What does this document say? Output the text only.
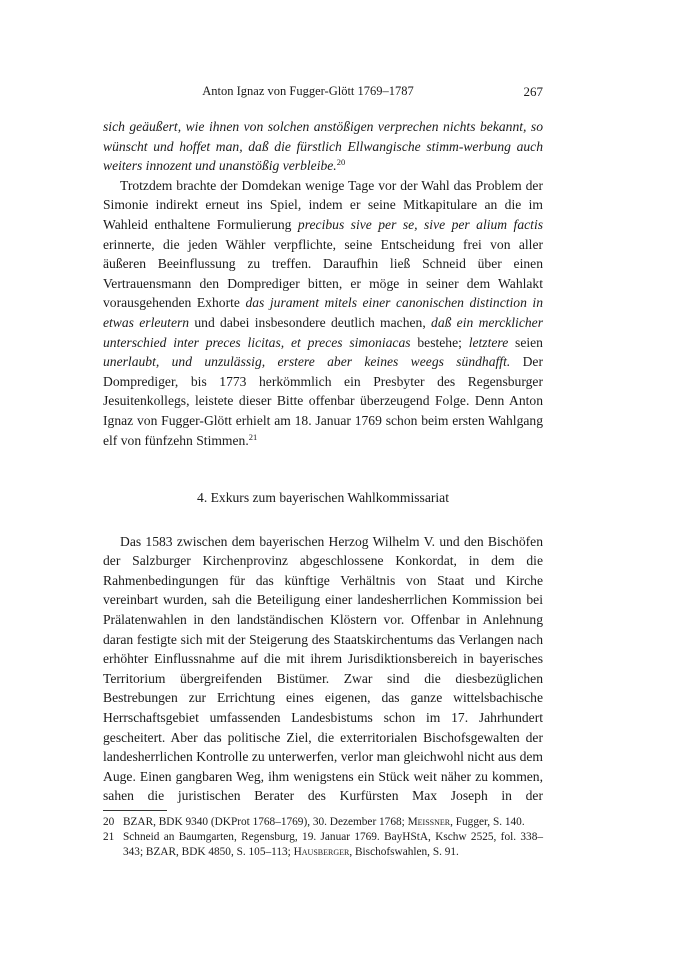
Anton Ignaz von Fugger-Glött 1769–1787	267

sich geäußert, wie ihnen von solchen anstößigen verprechen nichts bekannt, so wünscht und hoffet man, daß die fürstlich Ellwangische stimm-werbung auch weiters innozent und unanstößig verbleibe.$^{20}$

Trotzdem brachte der Domdekan wenige Tage vor der Wahl das Problem der Simonie indirekt erneut ins Spiel, indem er seine Mitkapitulare an die im Wahleid enthaltene Formulierung precibus sive per se, sive per alium factis erinnerte, die jeden Wähler verpflichte, seine Entscheidung frei von aller äußeren Beeinflussung zu treffen. Daraufhin ließ Schneid über einen Vertrauensmann den Domprediger bitten, er möge in seiner dem Wahlakt vorausgehenden Exhorte das jurament mitels einer canonischen distinction in etwas erleutern und dabei insbesondere deutlich machen, daß ein mercklicher unterschied inter preces licitas, et preces simoniacas bestehe; letztere seien unerlaubt, und unzulässig, erstere aber keines weegs sündhafft. Der Domprediger, bis 1773 herkömmlich ein Presbyter des Regensburger Jesuitenkollegs, leistete dieser Bitte offenbar überzeugend Folge. Denn Anton Ignaz von Fugger-Glött erhielt am 18. Januar 1769 schon beim ersten Wahlgang elf von fünfzehn Stimmen.$^{21}$

4. Exkurs zum bayerischen Wahlkommissariat

Das 1583 zwischen dem bayerischen Herzog Wilhelm V. und den Bischöfen der Salzburger Kirchenprovinz abgeschlossene Konkordat, in dem die Rahmenbedingungen für das künftige Verhältnis von Staat und Kirche vereinbart wurden, sah die Beteiligung einer landesherrlichen Kommission bei Prälatenwahlen in den landständischen Klöstern vor. Offenbar in Anlehnung daran festigte sich mit der Steigerung des Staatskirchentums das Verlangen nach erhöhter Einflussnahme auf die mit ihrem Jurisdiktionsbereich in bayerisches Territorium übergreifenden Bistümer. Zwar sind die diesbezüglichen Bestrebungen zur Errichtung eines eigenen, das ganze wittelsbachische Herrschaftsgebiet umfassenden Landesbistums schon im 17. Jahrhundert gescheitert. Aber das politische Ziel, die exterritorialen Bischofsgewalten der landesherrlichen Kontrolle zu unterwerfen, verlor man gleichwohl nicht aus dem Auge. Einen gangbaren Weg, ihm wenigstens ein Stück weit näher zu kommen, sahen die juristischen Berater des Kurfürsten Max Joseph in der

20 BZAR, BDK 9340 (DKProt 1768–1769), 30. Dezember 1768; Meissner, Fugger, S. 140.
21 Schneid an Baumgarten, Regensburg, 19. Januar 1769. BayHStA, Kschw 2525, fol. 338–343; BZAR, BDK 4850, S. 105–113; Hausberger, Bischofswahlen, S. 91.
